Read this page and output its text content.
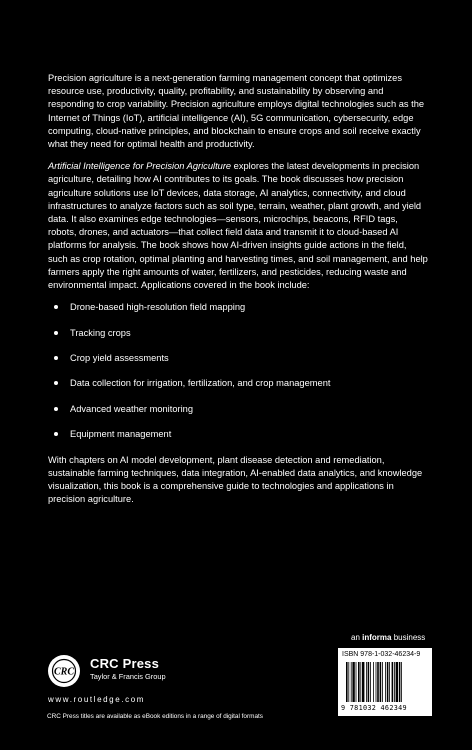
Precision agriculture is a next-generation farming management concept that optimizes resource use, productivity, quality, profitability, and sustainability by observing and responding to crop variability. Precision agriculture employs digital technologies such as the Internet of Things (IoT), artificial intelligence (AI), 5G communication, cybersecurity, edge computing, cloud-native principles, and blockchain to ensure crops and soil receive exactly what they need for optimal health and productivity.

Artificial Intelligence for Precision Agriculture explores the latest developments in precision agriculture, detailing how AI contributes to its goals. The book discusses how precision agriculture solutions use IoT devices, data storage, AI analytics, connectivity, and cloud infrastructures to analyze factors such as soil type, terrain, weather, plant growth, and yield data. It also examines edge technologies—sensors, microchips, beacons, RFID tags, robots, drones, and actuators—that collect field data and transmit it to cloud-based AI platforms for analysis. The book shows how AI-driven insights guide actions in the field, such as crop rotation, optimal planting and harvesting times, and soil management, and help farmers apply the right amounts of water, fertilizers, and pesticides, reducing waste and environmental impact. Applications covered in the book include:

Drone-based high-resolution field mapping
Tracking crops
Crop yield assessments
Data collection for irrigation, fertilization, and crop management
Advanced weather monitoring
Equipment management

With chapters on AI model development, plant disease detection and remediation, sustainable farming techniques, data integration, AI-enabled data analytics, and knowledge visualization, this book is a comprehensive guide to technologies and applications in precision agriculture.

an informa business
CRC
CRC Press
Taylor & Francis Group
www.routledge.com
CRC Press titles are available as eBook editions in a range of digital formats
ISBN 978-1-032-46234-9
9 781032 462349
